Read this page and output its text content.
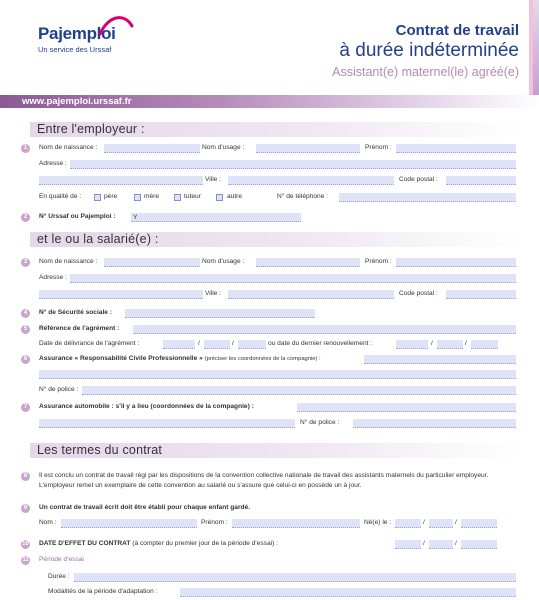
Pajemploi
Un service des Urssaf
Contrat de travail
à durée indéterminée
Assistant(e) maternel(le) agréé(e)
www.pajemploi.urssaf.fr
Entre l'employeur :
1	Nom de naissance :	Nom d'usage :	Prénom :
Adresse :
Ville :	Code postal :
En qualité de :	père	mère	tuteur	autre	N° de téléphone :
2	N° Urssaf ou Pajemploi :	Y
et le ou la salarié(e) :
3	Nom de naissance :	Nom d'usage :	Prénom :
Adresse :
Ville :	Code postal :
4	N° de Sécurité sociale :
5	Référence de l'agrément :
Date de délivrance de l'agrément :	/	/	ou date du dernier renouvellement :	/	/
6	Assurance « Responsabilité Civile Professionnelle » (préciser les coordonnées de la compagnie) :
N° de police :
7	Assurance automobile : s'il y a lieu (coordonnées de la compagnie) :
N° de police :
Les termes du contrat
8	Il est conclu un contrat de travail régi par les dispositions de la convention collective nationale de travail des assistants maternels du particulier employeur. L'employeur remet un exemplaire de cette convention au salarié ou s'assure que celui-ci en possède un à jour.
9	Un contrat de travail écrit doit être établi pour chaque enfant gardé.
Nom :	Prénom :	Né(e) le :	/	/
10 DATE D'EFFET DU CONTRAT (à compter du premier jour de la période d'essai) :	/	/
11 Période d'essai
Durée :
Modalités de la période d'adaptation :
